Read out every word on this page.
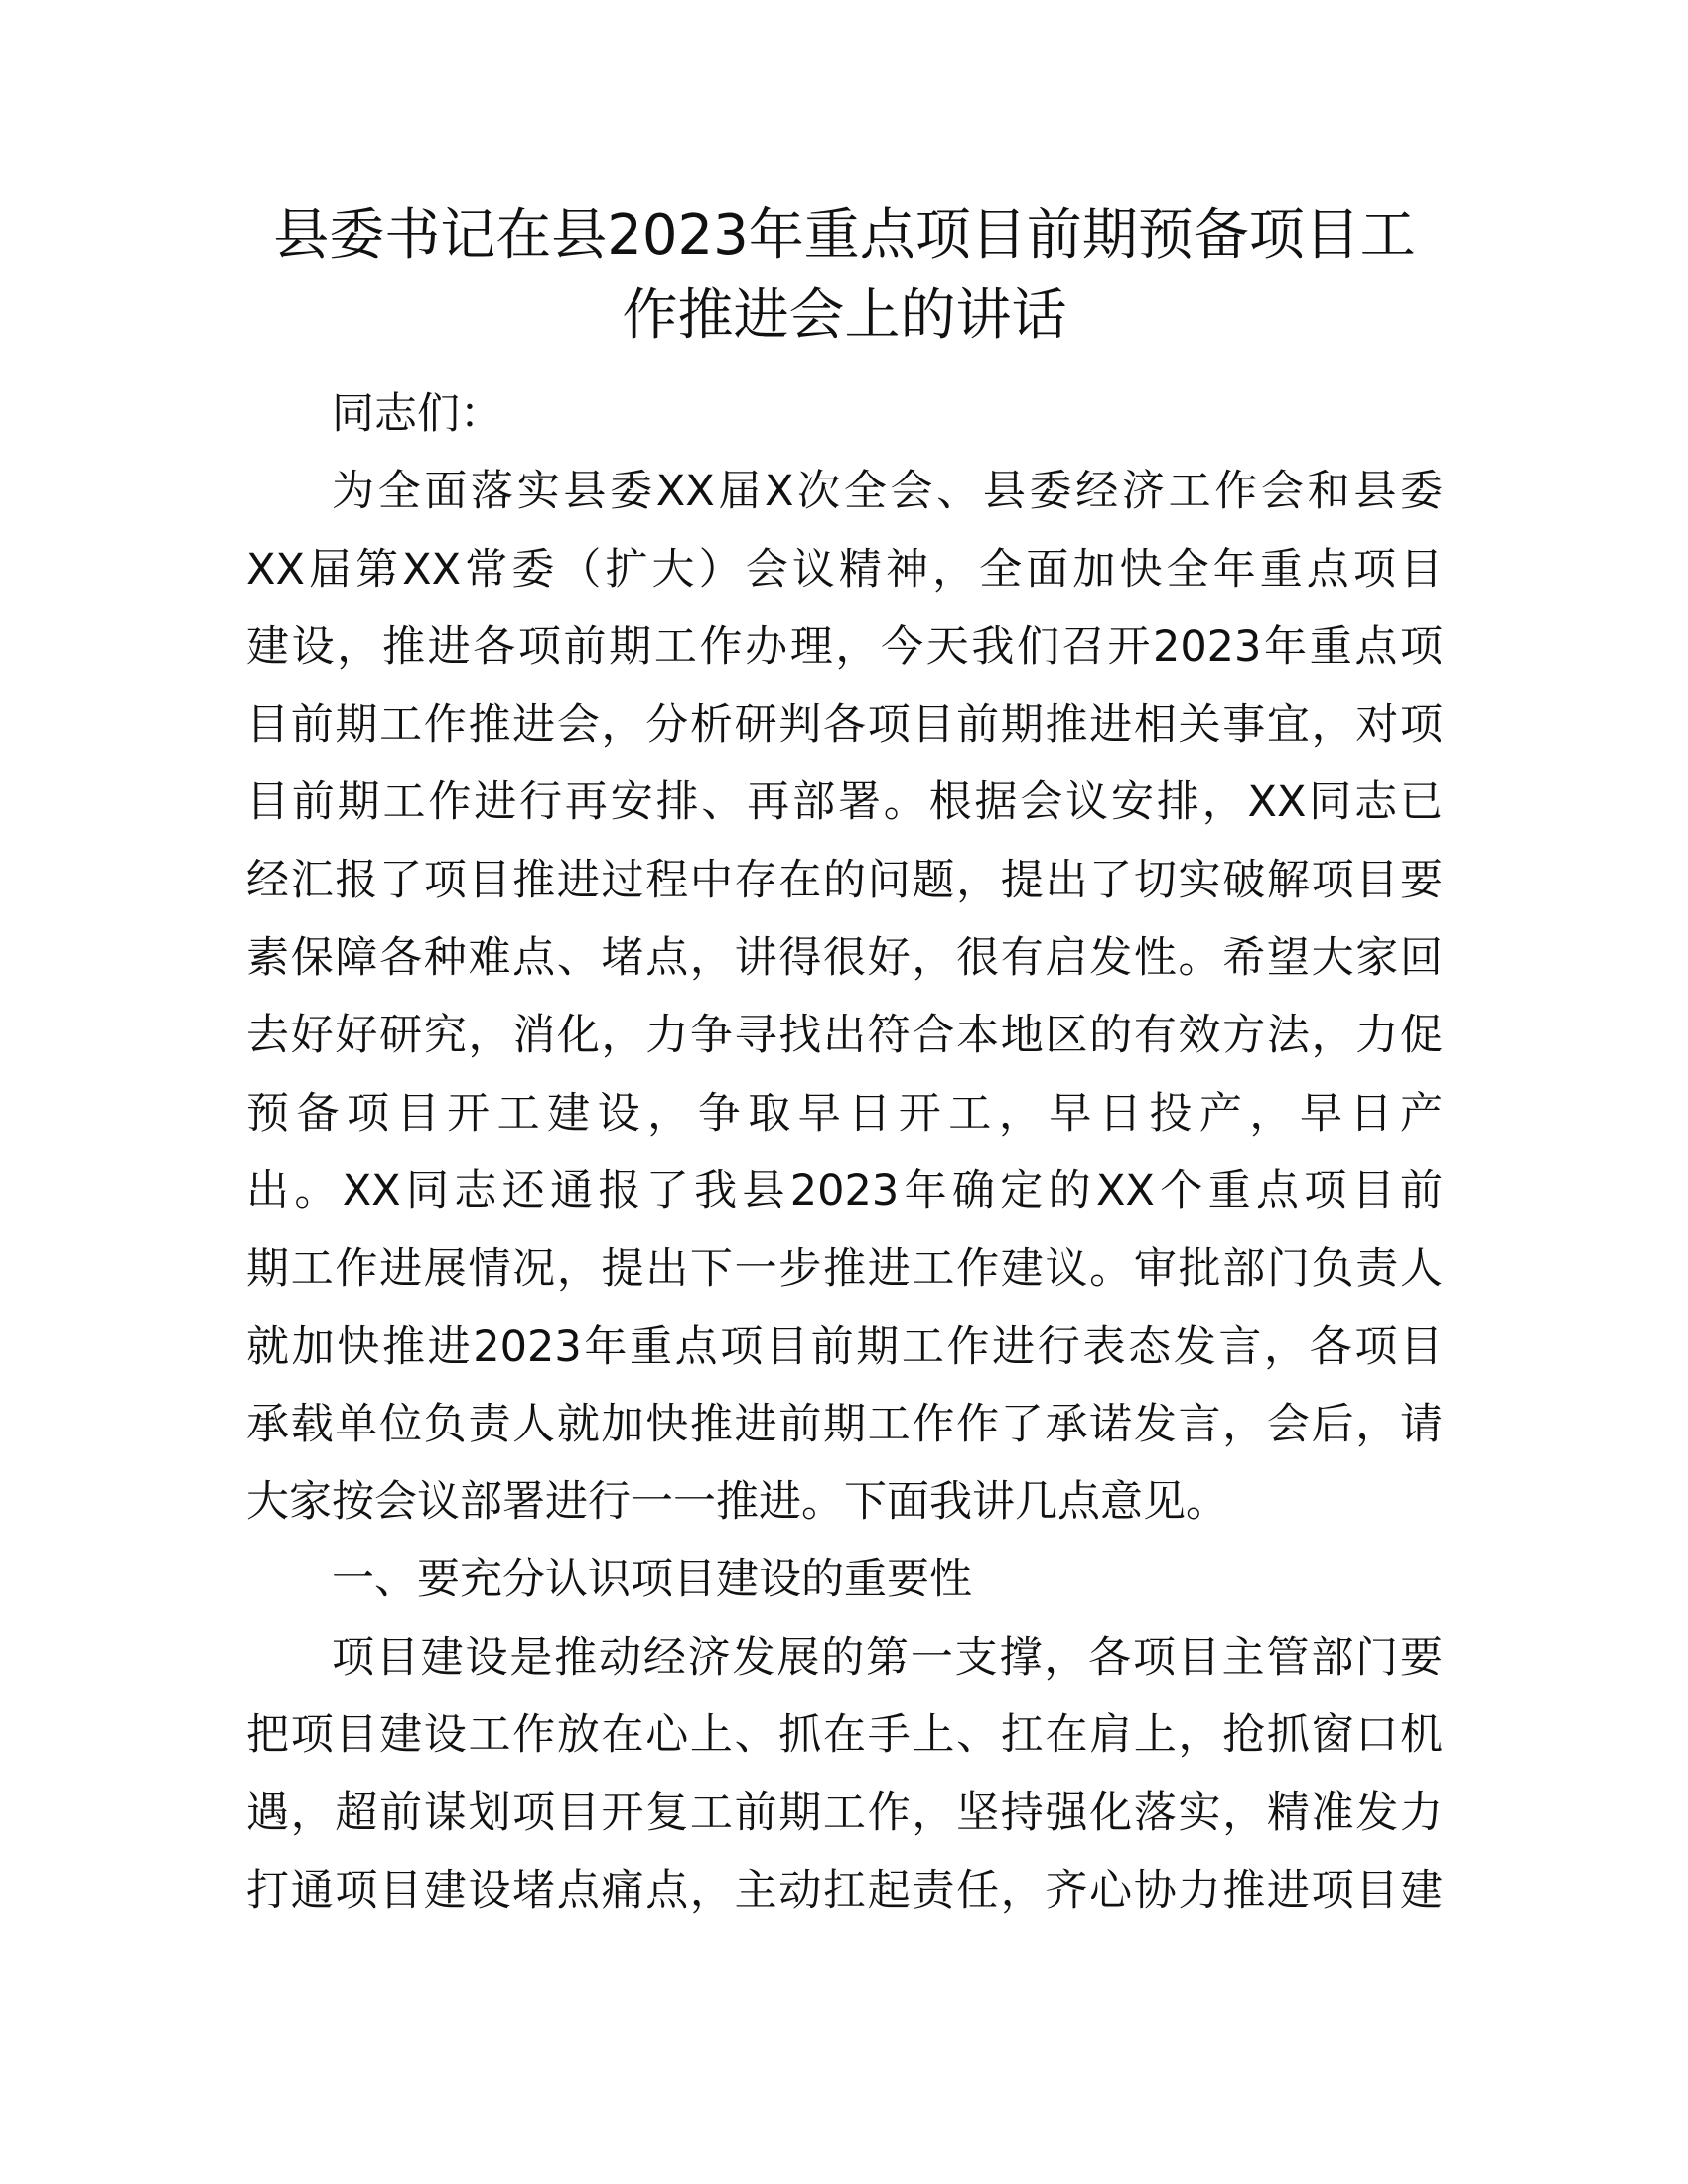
县委书记在县2023年重点项目前期预备项目工
作推进会上的讲话

同志们：

为全面落实县委XX届X次全会、县委经济工作会和县委
XX届第XX常委（扩大）会议精神，全面加快全年重点项目
建设，推进各项前期工作办理，今天我们召开2023年重点项
目前期工作推进会，分析研判各项目前期推进相关事宜，对项
目前期工作进行再安排、再部署。根据会议安排，XX同志已
经汇报了项目推进过程中存在的问题，提出了切实破解项目要
素保障各种难点、堵点，讲得很好，很有启发性。希望大家回
去好好研究，消化，力争寻找出符合本地区的有效方法，力促
预备项目开工建设，争取早日开工，早日投产，早日产
出。XX同志还通报了我县2023年确定的XX个重点项目前
期工作进展情况，提出下一步推进工作建议。审批部门负责人
就加快推进2023年重点项目前期工作进行表态发言，各项目
承载单位负责人就加快推进前期工作作了承诺发言，会后，请
大家按会议部署进行一一推进。下面我讲几点意见。

一、要充分认识项目建设的重要性

项目建设是推动经济发展的第一支撑，各项目主管部门要
把项目建设工作放在心上、抓在手上、扛在肩上，抢抓窗口机
遇，超前谋划项目开复工前期工作，坚持强化落实，精准发力
打通项目建设堵点痛点，主动扛起责任，齐心协力推进项目建
